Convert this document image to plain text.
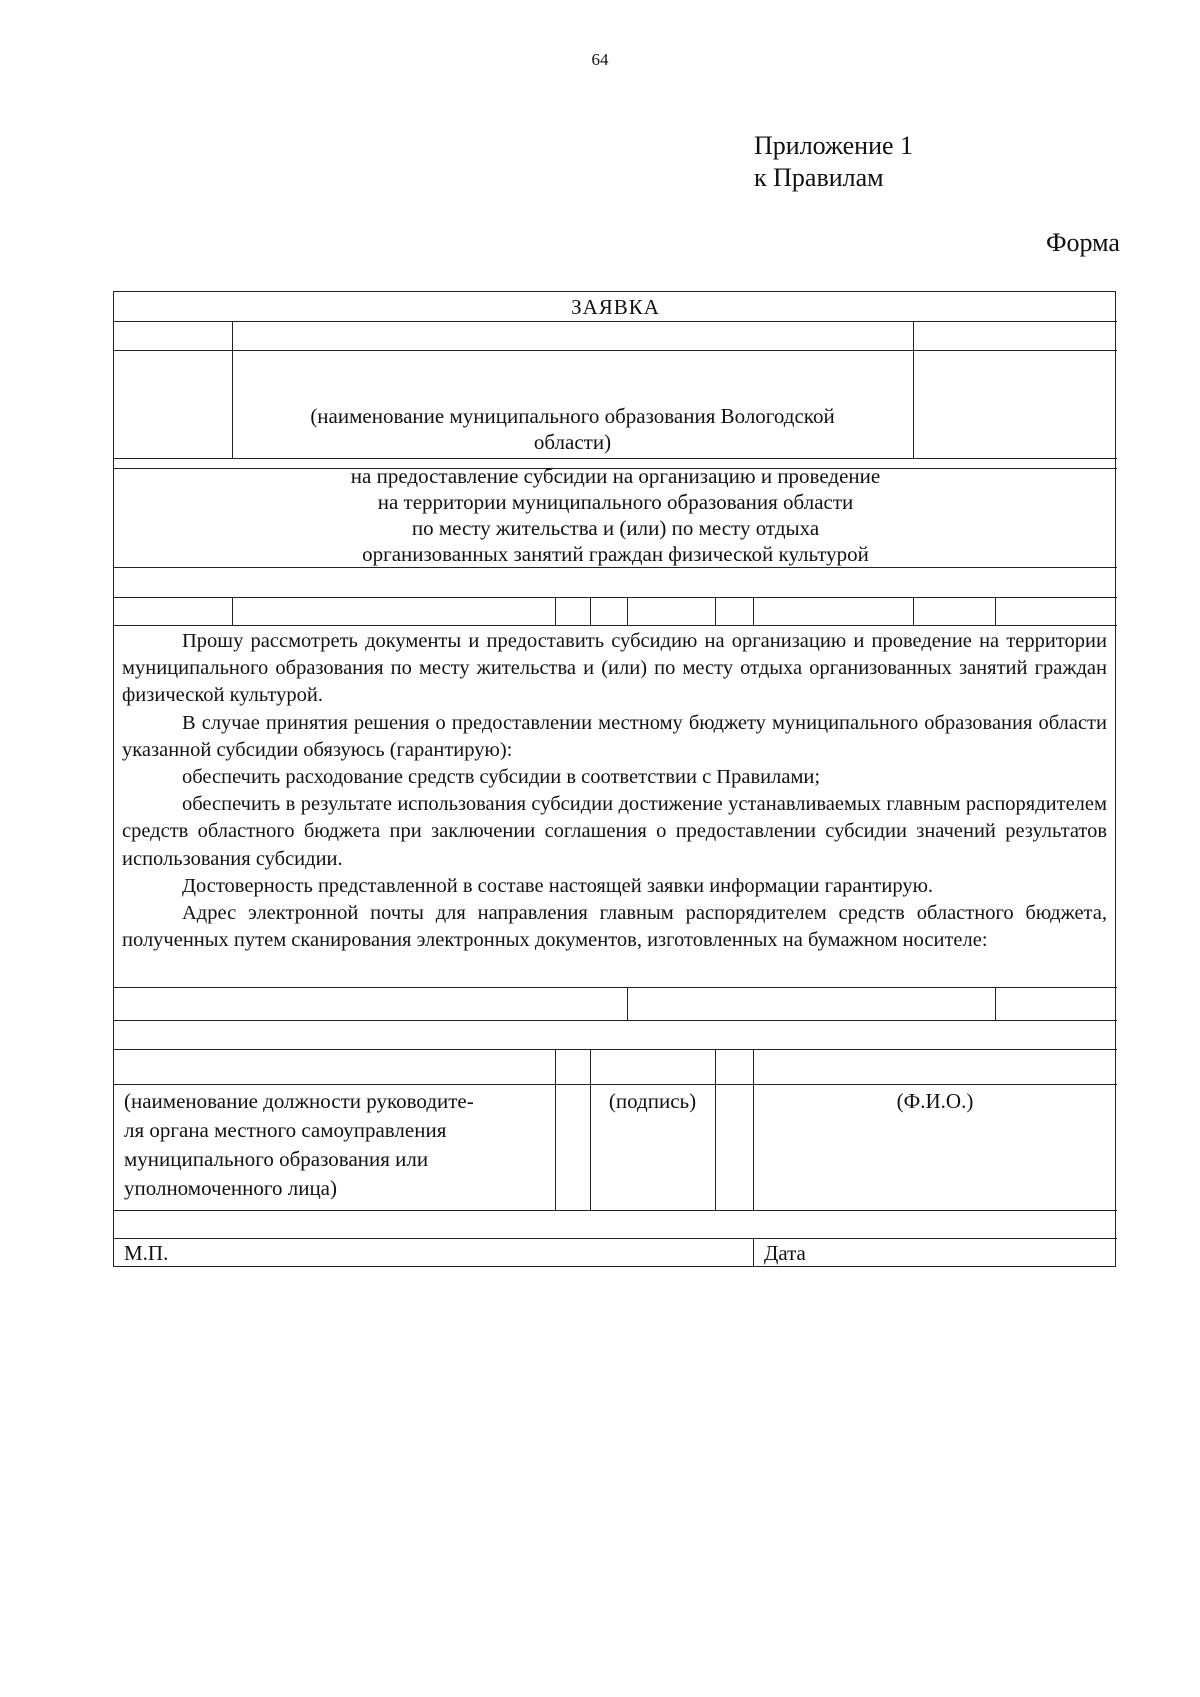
64
Приложение 1
к Правилам
Форма
ЗАЯВКА
(наименование муниципального образования Вологодской
области)
на предоставление субсидии на организацию и проведение
на территории муниципального образования области
по месту жительства и (или) по месту отдыха
организованных занятий граждан физической культурой

Прошу рассмотреть документы и предоставить субсидию на организацию и проведение на территории муниципального образования по месту жительства и (или) по месту отдыха организованных занятий граждан физической культурой.

В случае принятия решения о предоставлении местному бюджету муниципального образования области указанной субсидии обязуюсь (гарантирую):

обеспечить расходование средств субсидии в соответствии с Правилами;

обеспечить в результате использования субсидии достижение устанавливаемых главным распорядителем средств областного бюджета при заключении соглашения о предоставлении субсидии значений результатов использования субсидии.

Достоверность представленной в составе настоящей заявки информации гарантирую.

Адрес электронной почты для направления главным распорядителем средств областного бюджета, полученных путем сканирования электронных документов, изготовленных на бумажном носителе:

(наименование должности руководите-
ля органа местного самоуправления
муниципального образования или
уполномоченного лица)
(подпись)	(Ф.И.О.)
М.П.	Дата
